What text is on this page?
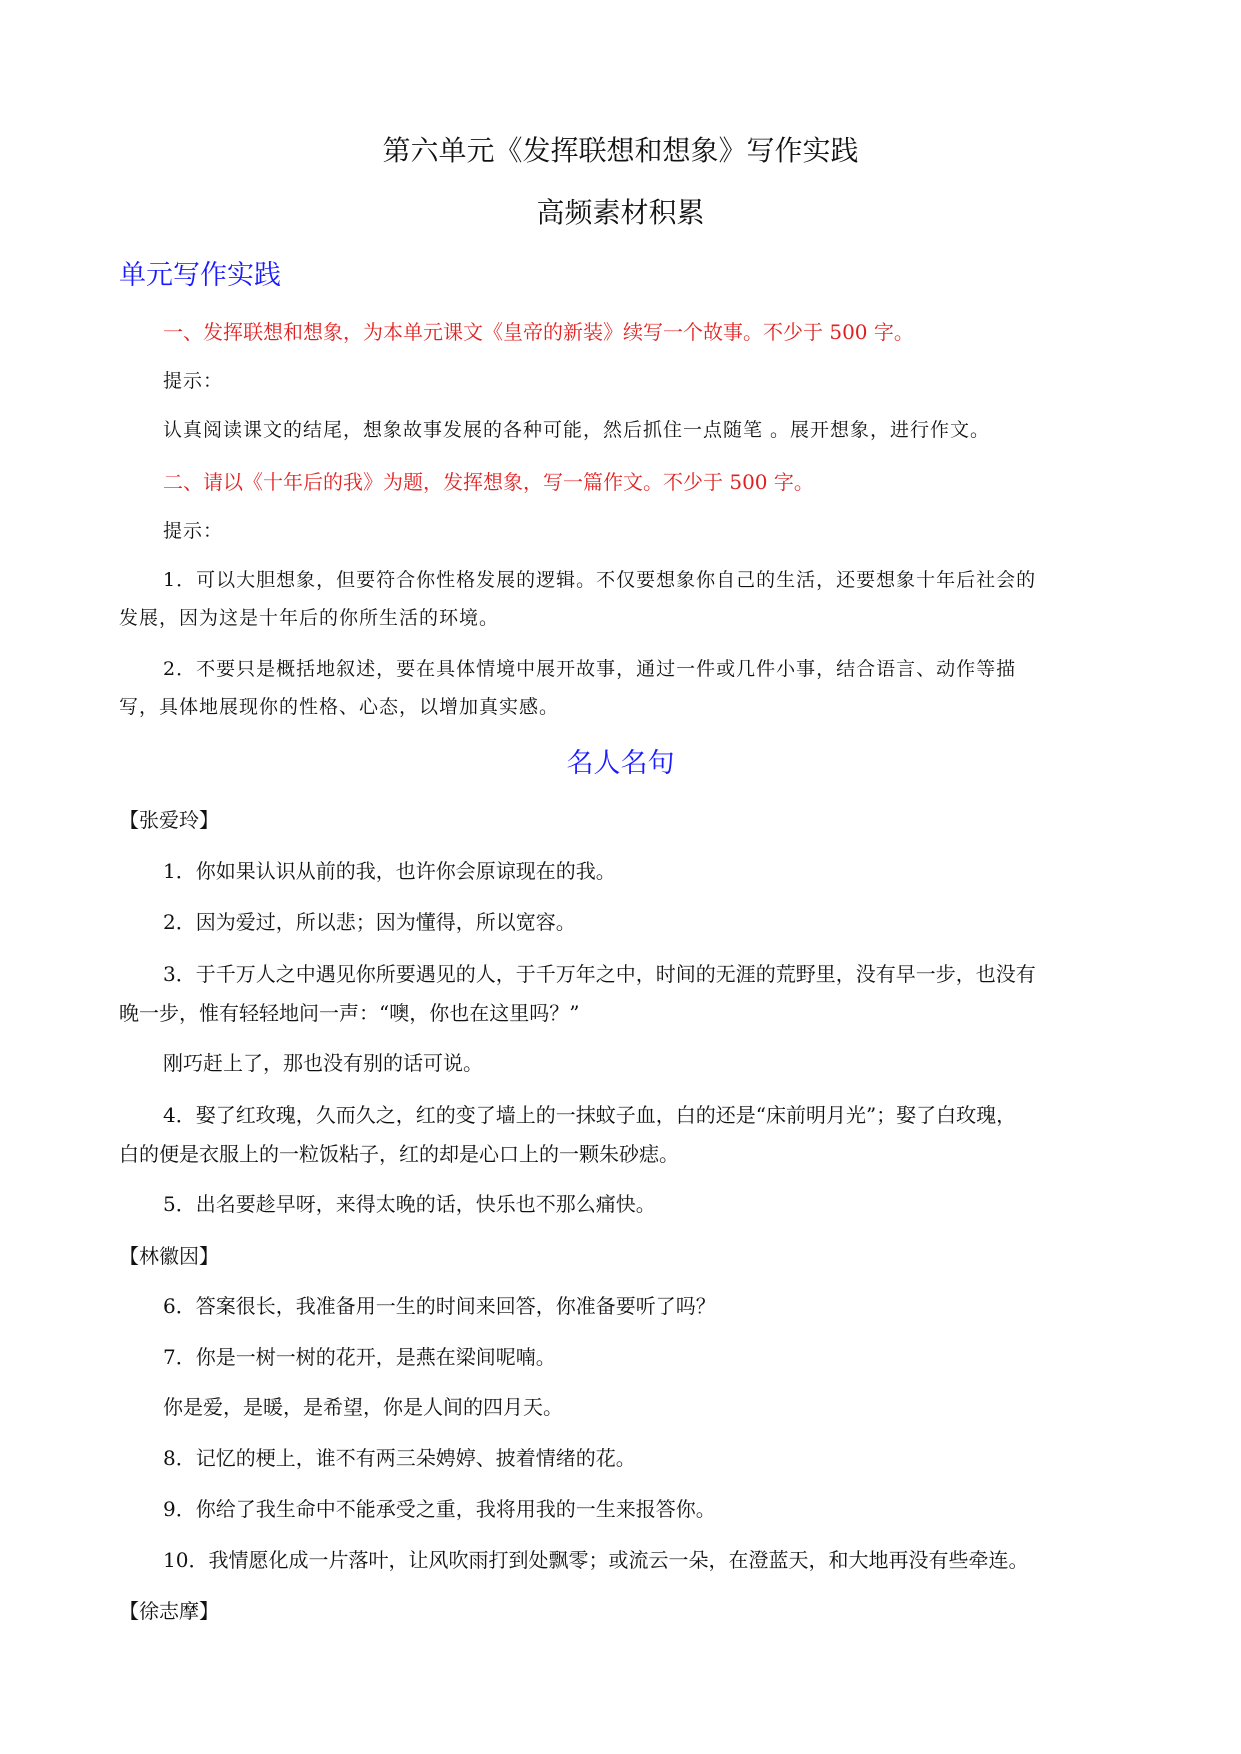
第六单元《发挥联想和想象》写作实践
高频素材积累
单元写作实践
一、发挥联想和想象，为本单元课文《皇帝的新装》续写一个故事。不少于 500 字。
提示：
认真阅读课文的结尾，想象故事发展的各种可能，然后抓住一点随笔 。展开想象，进行作文。
二、请以《十年后的我》为题，发挥想象，写一篇作文。不少于 500 字。
提示：
1．可以大胆想象，但要符合你性格发展的逻辑。不仅要想象你自己的生活，还要想象十年后社会的
发展，因为这是十年后的你所生活的环境。
2．不要只是概括地叙述，要在具体情境中展开故事，通过一件或几件小事，结合语言、动作等描
写，具体地展现你的性格、心态，以增加真实感。
名人名句
【张爱玲】
1．你如果认识从前的我，也许你会原谅现在的我。
2．因为爱过，所以悲；因为懂得，所以宽容。
3．于千万人之中遇见你所要遇见的人，于千万年之中，时间的无涯的荒野里，没有早一步，也没有
晚一步，惟有轻轻地问一声：“噢，你也在这里吗？”
刚巧赶上了，那也没有别的话可说。
4．娶了红玫瑰，久而久之，红的变了墙上的一抹蚊子血，白的还是“床前明月光”；娶了白玫瑰，
白的便是衣服上的一粒饭粘子，红的却是心口上的一颗朱砂痣。
5．出名要趁早呀，来得太晚的话，快乐也不那么痛快。
【林徽因】
6．答案很长，我准备用一生的时间来回答，你准备要听了吗？
7．你是一树一树的花开，是燕在梁间呢喃。
你是爱，是暖，是希望，你是人间的四月天。
8．记忆的梗上，谁不有两三朵娉婷、披着情绪的花。
9．你给了我生命中不能承受之重，我将用我的一生来报答你。
10．我情愿化成一片落叶，让风吹雨打到处飘零；或流云一朵，在澄蓝天，和大地再没有些牵连。
【徐志摩】
